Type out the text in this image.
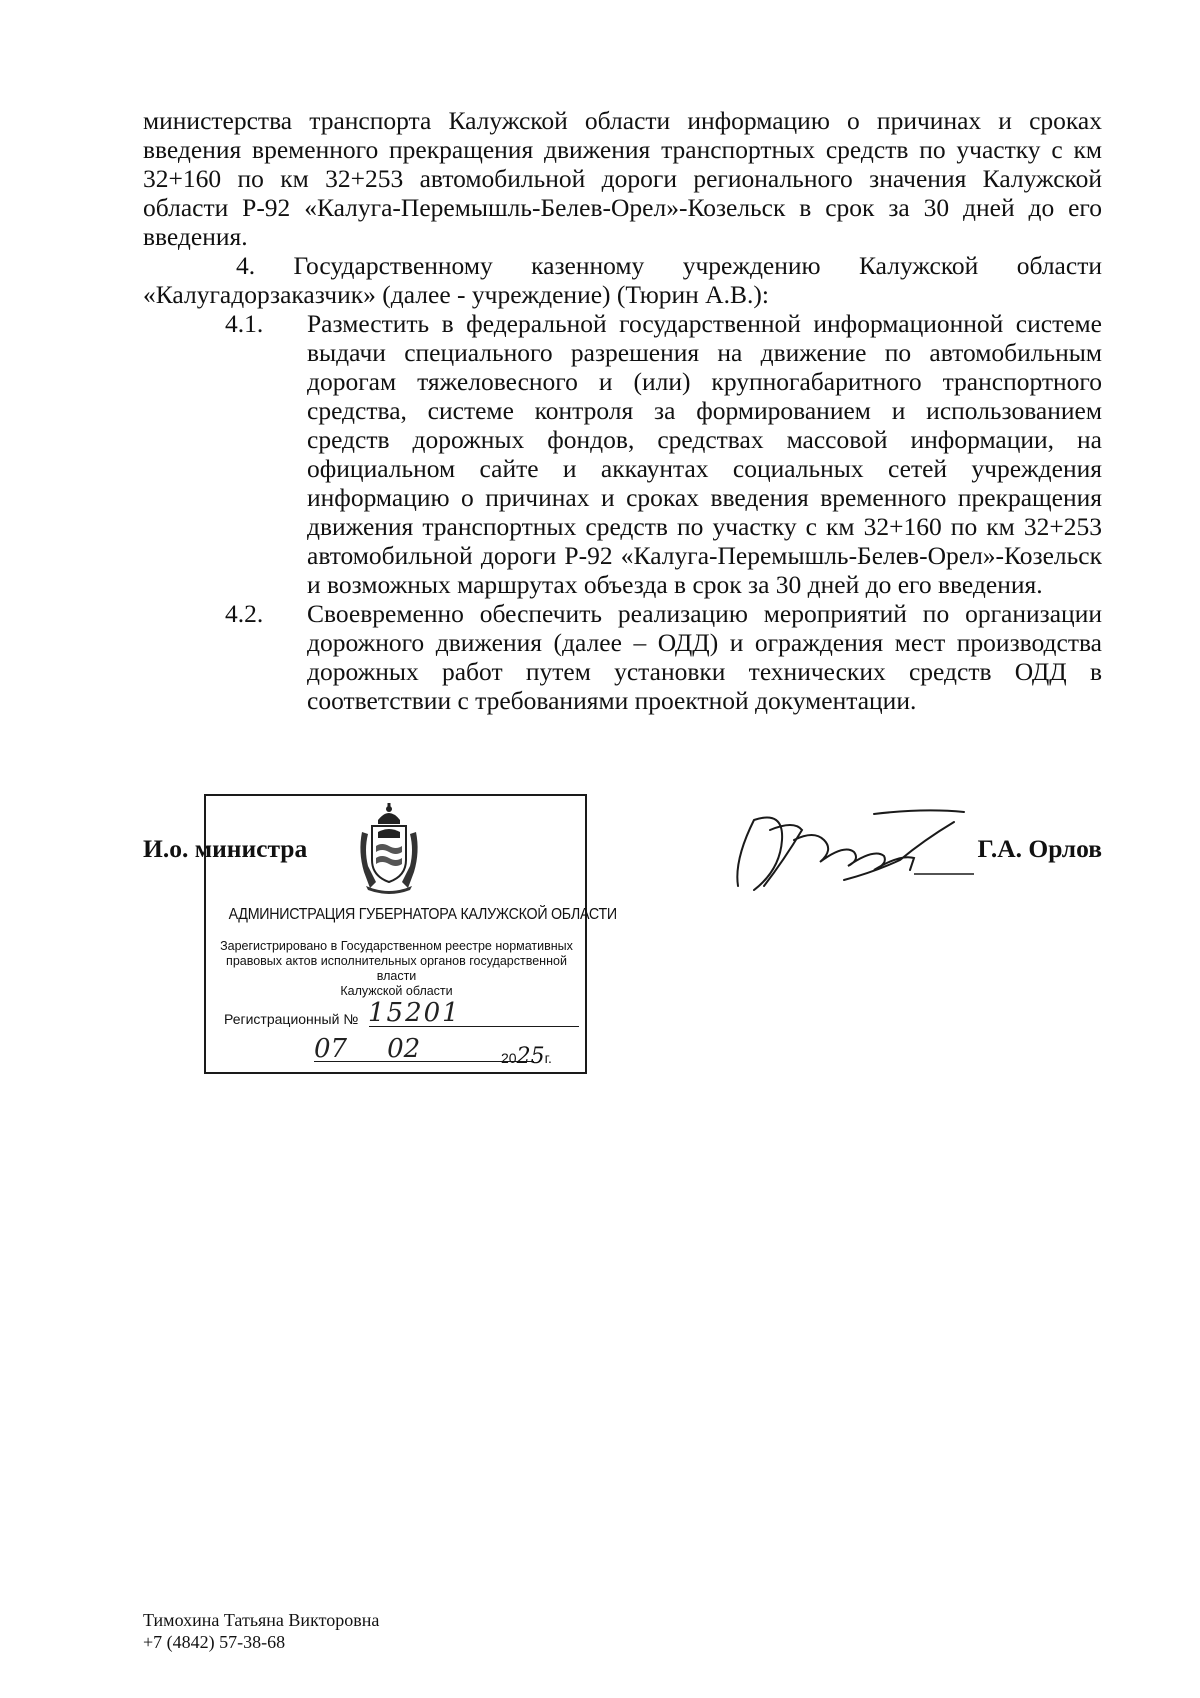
министерства транспорта Калужской области информацию о причинах и сроках введения временного прекращения движения транспортных средств по участку с км 32+160 по км 32+253 автомобильной дороги регионального значения Калужской области Р-92 «Калуга-Перемышль-Белев-Орел»-Козельск в срок за 30 дней до его введения.

4. Государственному казенному учреждению Калужской области «Калугадорзаказчик» (далее - учреждение) (Тюрин А.В.):

4.1.	Разместить в федеральной государственной информационной системе выдачи специального разрешения на движение по автомобильным дорогам тяжеловесного и (или) крупногабаритного транспортного средства, системе контроля за формированием и использованием средств дорожных фондов, средствах массовой информации, на официальном сайте и аккаунтах социальных сетей учреждения информацию о причинах и сроках введения временного прекращения движения транспортных средств по участку с км 32+160 по км 32+253 автомобильной дороги Р-92 «Калуга-Перемышль-Белев-Орел»-Козельск и возможных маршрутах объезда в срок за 30 дней до его введения.
4.2.	Своевременно обеспечить реализацию мероприятий по организации дорожного движения (далее – ОДД) и ограждения мест производства дорожных работ путем установки технических средств ОДД в соответствии с требованиями проектной документации.
И.о. министра
АДМИНИСТРАЦИЯ ГУБЕРНАТОРА КАЛУЖСКОЙ ОБЛАСТИ
Зарегистрировано в Государственном реестре нормативных
правовых актов исполнительных органов государственной власти
Калужской области
Регистрационный № 15201
07 02	2025г.
Г.А. Орлов
Тимохина Татьяна Викторовна
+7 (4842) 57-38-68
